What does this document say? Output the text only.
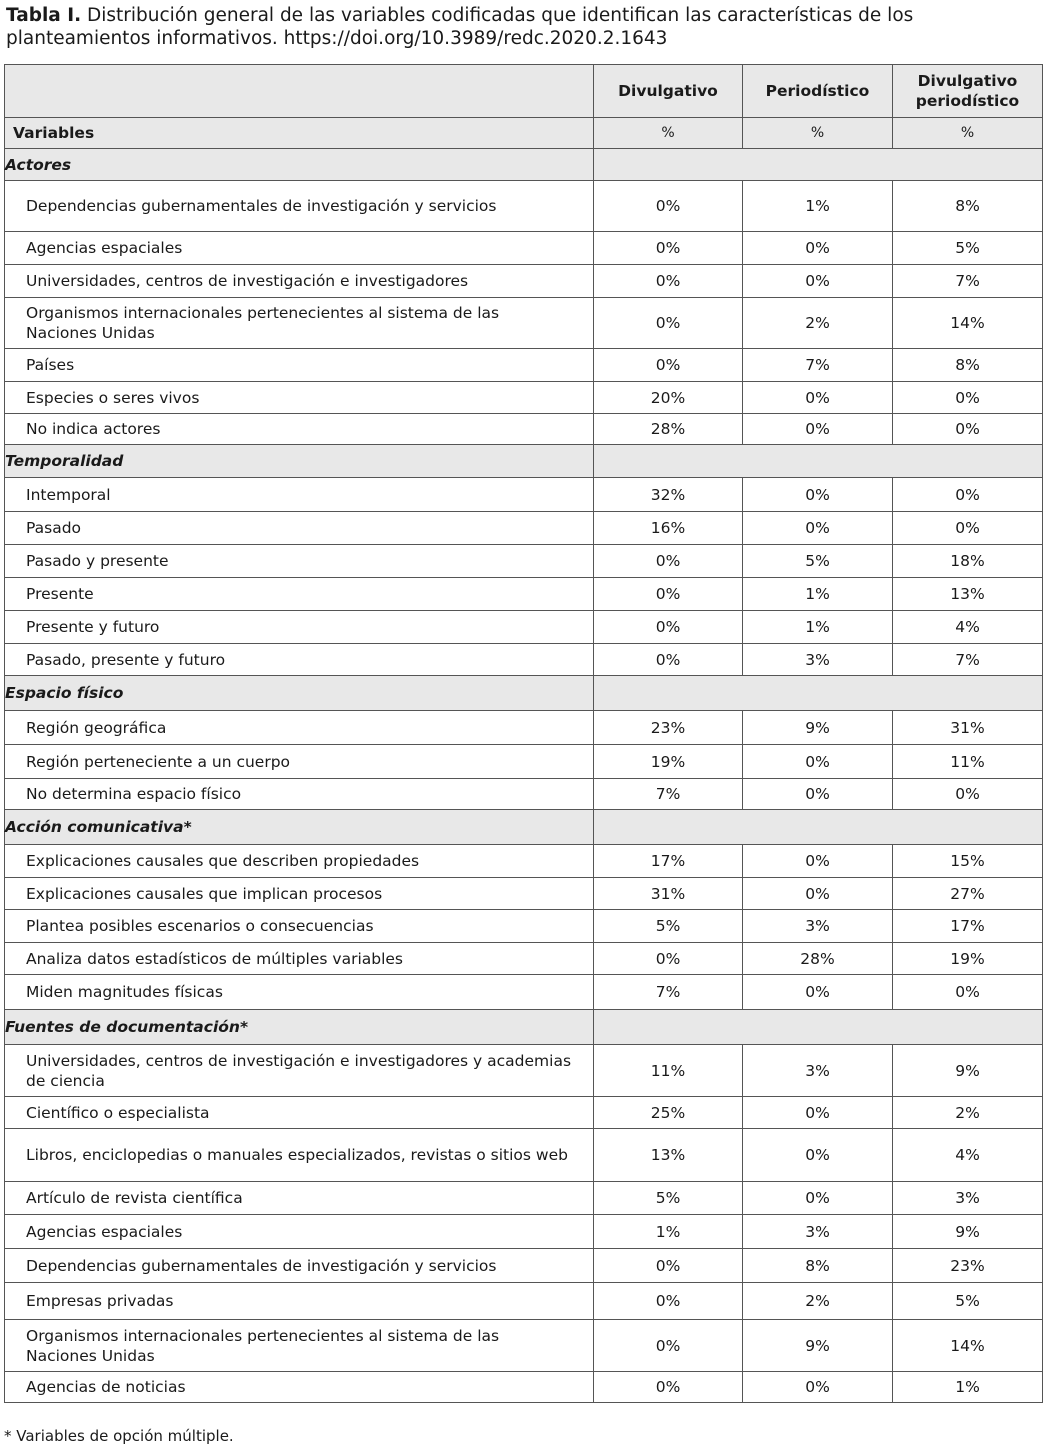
Tabla I. Distribución general de las variables codificadas que identifican las características de los planteamientos informativos. https://doi.org/10.3989/redc.2020.2.1643
	Divulgativo	Periodístico	Divulgativo periodístico
Variables	%	%	%
Actores			
Dependencias gubernamentales de investigación y servicios	0%	1%	8%
Agencias espaciales	0%	0%	5%
Universidades, centros de investigación e investigadores	0%	0%	7%
Organismos internacionales pertenecientes al sistema de las Naciones Unidas	0%	2%	14%
Países	0%	7%	8%
Especies o seres vivos	20%	0%	0%
No indica actores	28%	0%	0%
Temporalidad			
Intemporal	32%	0%	0%
Pasado	16%	0%	0%
Pasado y presente	0%	5%	18%
Presente	0%	1%	13%
Presente y futuro	0%	1%	4%
Pasado, presente y futuro	0%	3%	7%
Espacio físico			
Región geográfica	23%	9%	31%
Región perteneciente a un cuerpo	19%	0%	11%
No determina espacio físico	7%	0%	0%
Acción comunicativa*			
Explicaciones causales que describen propiedades	17%	0%	15%
Explicaciones causales que implican procesos	31%	0%	27%
Plantea posibles escenarios o consecuencias	5%	3%	17%
Analiza datos estadísticos de múltiples variables	0%	28%	19%
Miden magnitudes físicas	7%	0%	0%
Fuentes de documentación*			
Universidades, centros de investigación e investigadores y academias de ciencia	11%	3%	9%
Científico o especialista	25%	0%	2%
Libros, enciclopedias o manuales especializados, revistas o sitios web	13%	0%	4%
Artículo de revista científica	5%	0%	3%
Agencias espaciales	1%	3%	9%
Dependencias gubernamentales de investigación y servicios	0%	8%	23%
Empresas privadas	0%	2%	5%
Organismos internacionales pertenecientes al sistema de las Naciones Unidas	0%	9%	14%
Agencias de noticias	0%	0%	1%
* Variables de opción múltiple.
